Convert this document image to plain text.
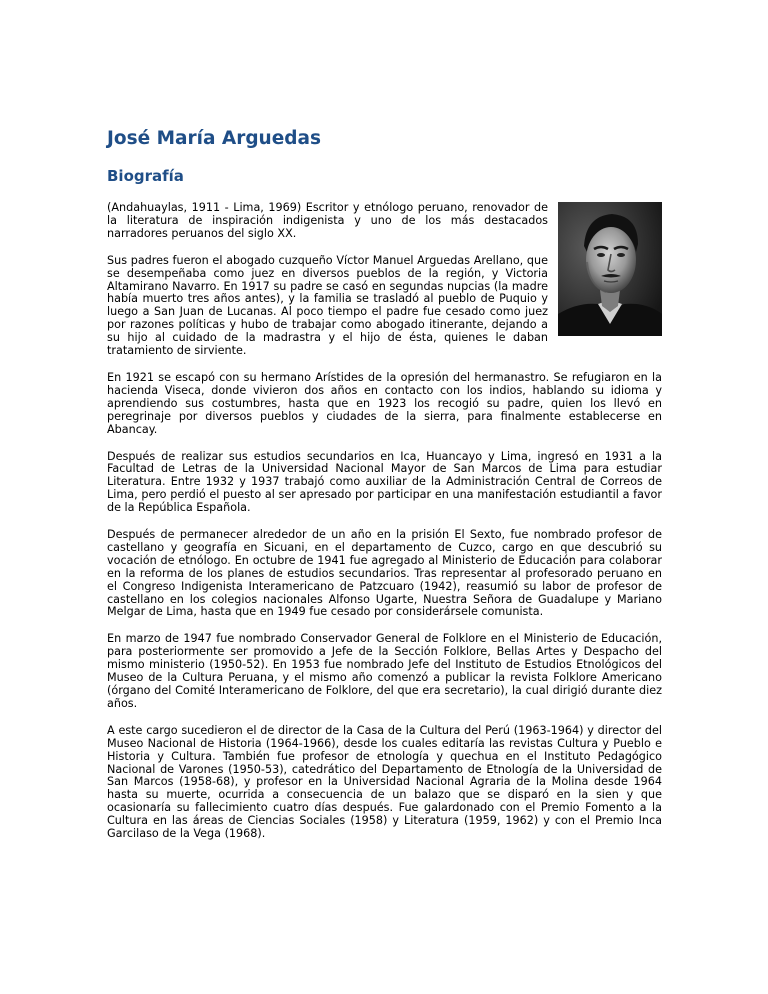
José María Arguedas
Biografía

(Andahuaylas, 1911 - Lima, 1969) Escritor y etnólogo peruano, renovador de la literatura de inspiración indigenista y uno de los más destacados narradores peruanos del siglo XX.

Sus padres fueron el abogado cuzqueño Víctor Manuel Arguedas Arellano, que se desempeñaba como juez en diversos pueblos de la región, y Victoria Altamirano Navarro. En 1917 su padre se casó en segundas nupcias (la madre había muerto tres años antes), y la familia se trasladó al pueblo de Puquio y luego a San Juan de Lucanas. Al poco tiempo el padre fue cesado como juez por razones políticas y hubo de trabajar como abogado itinerante, dejando a su hijo al cuidado de la madrastra y el hijo de ésta, quienes le daban tratamiento de sirviente.

En 1921 se escapó con su hermano Arístides de la opresión del hermanastro. Se refugiaron en la hacienda Viseca, donde vivieron dos años en contacto con los indios, hablando su idioma y aprendiendo sus costumbres, hasta que en 1923 los recogió su padre, quien los llevó en peregrinaje por diversos pueblos y ciudades de la sierra, para finalmente establecerse en Abancay.

Después de realizar sus estudios secundarios en Ica, Huancayo y Lima, ingresó en 1931 a la Facultad de Letras de la Universidad Nacional Mayor de San Marcos de Lima para estudiar Literatura. Entre 1932 y 1937 trabajó como auxiliar de la Administración Central de Correos de Lima, pero perdió el puesto al ser apresado por participar en una manifestación estudiantil a favor de la República Española.

Después de permanecer alrededor de un año en la prisión El Sexto, fue nombrado profesor de castellano y geografía en Sicuani, en el departamento de Cuzco, cargo en que descubrió su vocación de etnólogo. En octubre de 1941 fue agregado al Ministerio de Educación para colaborar en la reforma de los planes de estudios secundarios. Tras representar al profesorado peruano en el Congreso Indigenista Interamericano de Patzcuaro (1942), reasumió su labor de profesor de castellano en los colegios nacionales Alfonso Ugarte, Nuestra Señora de Guadalupe y Mariano Melgar de Lima, hasta que en 1949 fue cesado por considerársele comunista.

En marzo de 1947 fue nombrado Conservador General de Folklore en el Ministerio de Educación, para posteriormente ser promovido a Jefe de la Sección Folklore, Bellas Artes y Despacho del mismo ministerio (1950-52). En 1953 fue nombrado Jefe del Instituto de Estudios Etnológicos del Museo de la Cultura Peruana, y el mismo año comenzó a publicar la revista Folklore Americano (órgano del Comité Interamericano de Folklore, del que era secretario), la cual dirigió durante diez años.

A este cargo sucedieron el de director de la Casa de la Cultura del Perú (1963-1964) y director del Museo Nacional de Historia (1964-1966), desde los cuales editaría las revistas Cultura y Pueblo e Historia y Cultura. También fue profesor de etnología y quechua en el Instituto Pedagógico Nacional de Varones (1950-53), catedrático del Departamento de Etnología de la Universidad de San Marcos (1958-68), y profesor en la Universidad Nacional Agraria de la Molina desde 1964 hasta su muerte, ocurrida a consecuencia de un balazo que se disparó en la sien y que ocasionaría su fallecimiento cuatro días después. Fue galardonado con el Premio Fomento a la Cultura en las áreas de Ciencias Sociales (1958) y Literatura (1959, 1962) y con el Premio Inca Garcilaso de la Vega (1968).
